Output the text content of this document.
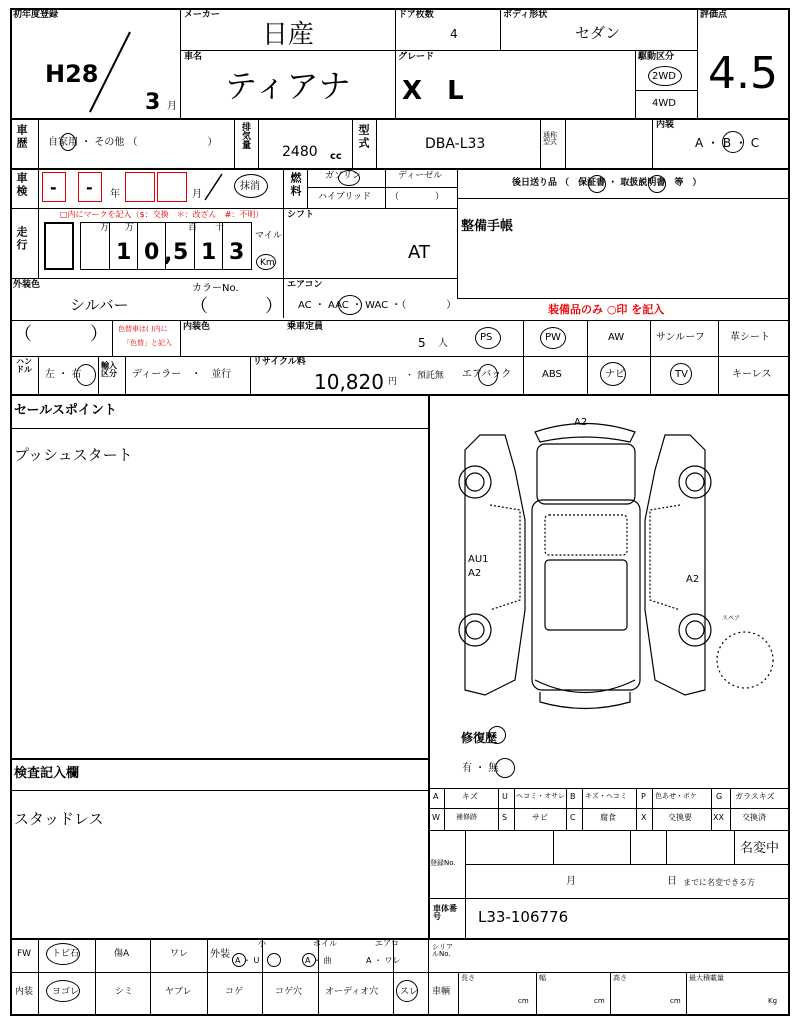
初年度登録
H28
3 月
メーカー
日産
ドア枚数
4
ボディ形状
セダン
評価点
4.5
車名
ティアナ
グレード
X L
駆動区分
2WD
4WD
車歴 自家用 ・ その他 （　　　　　　　） 排気量
2480 cc
型式	DBA-L33
通称型式
内装
A ・ B ・ C
車検 - - 年	月
抹消	燃料	ガソリン	ディーゼル
ハイブリッド （　　　　）
後日送り品 （　保証書 ・ 取扱説明書　等　）
走行
□内にマークを記入（$：交換　＊：改ざん　#：不明）
万 万	百 十
1 0 , 5 1 3
マイル
Km
シフト
AT
整備手帳
外装色
シルバー
カラーNo.
（	）
エアコン
AC ・ AAC ・ WAC ・（　　　　）	装備品のみ ○印 を記入
（	） 色替車は( )内に
「色替」と記入
内装色	乗車定員
5 人
PS	PW	AW	サンルーフ	革シート
エアバック	ABS	ナビ	TV	キーレス
ハンドル 左 ・ 右
輸入区分	ディーラー　・　並行
リサイクル料
10,820 円
・ 預託無
セールスポイント
プッシュスタート
A2
AU1
A2
A2
スペア
修復歴
有 ・ 無
A	キズ	U ヘコミ・オサレ B キズ・ヘコミ P 色あせ・ボケ G ガラスキズ
W 補修跡	S	サビ	C	腐食	X	交換要	XX 交換済
検査記入欄
スタッドレス
登録No.
名変中
月	日 までに名変できる方
車体番号	L33-106776
FW トビ石	傷A	ワレ 外装
小
A ・ U
ホイル
A ・ 曲
エアロ
A ・ ワレ
シリアルNo.
内装 ヨゴレ	シミ	ヤブレ	コゲ	コゲ穴	オーディオ穴 スレ 車輌
長さ
cm
幅
cm
高さ
cm
最大積載量
Kg
